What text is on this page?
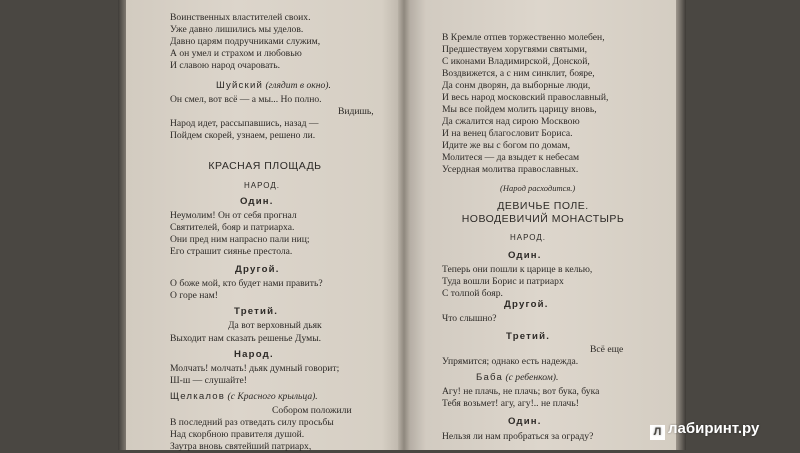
Воинственных властителей своих.
Уже давно лишились мы уделов.
Давно царям подручниками служим,
А он умел и страхом и любовью
И славою народ очаровать.
Шуйский (глядит в окно).
Он смел, вот всё — а мы... Но полно.
Видишь,
Народ идет, рассыпавшись, назад —
Пойдем скорей, узнаем, решено ли.
КРАСНАЯ ПЛОЩАДЬ
НАРОД.
Один.
Неумолим! Он от себя прогнал
Святителей, бояр и патриарха.
Они пред ним напрасно пали ниц;
Его страшит сиянье престола.
Другой.
О боже мой, кто будет нами править?
О горе нам!
Третий.
Да вот верховный дьяк
Выходит нам сказать решенье Думы.
Народ.
Молчать! молчать! дьяк думный говорит;
Ш-ш — слушайте!
Щелкалов (с Красного крыльца).
Собором положили
В последний раз отведать силу просьбы
Над скорбною правителя душой.
Заутра вновь святейший патриарх,
В Кремле отпев торжественно молебен,
Предшествуем хоругвями святыми,
С иконами Владимирской, Донской,
Воздвижется, а с ним синклит, бояре,
Да сонм дворян, да выборные люди,
И весь народ московский православный,
Мы все пойдем молить царицу вновь,
Да сжалится над сирою Москвою
И на венец благословит Бориса.
Идите же вы с богом по домам,
Молитеся — да взыдет к небесам
Усердная молитва православных.
(Народ расходится.)
ДЕВИЧЬЕ ПОЛЕ.
НОВОДЕВИЧИЙ МОНАСТЫРЬ
НАРОД.
Один.
Теперь они пошли к царице в келью,
Туда вошли Борис и патриарх
С толпой бояр.
Другой.
Что слышно?
Третий.
Всё еще
Упрямится; однако есть надежда.
Баба (с ребенком).
Агу! не плачь, не плачь; вот бука, бука
Тебя возьмет! агу, агу!.. не плачь!
Один.
Нельзя ли нам пробраться за ограду?	Л лабиринт.ру
